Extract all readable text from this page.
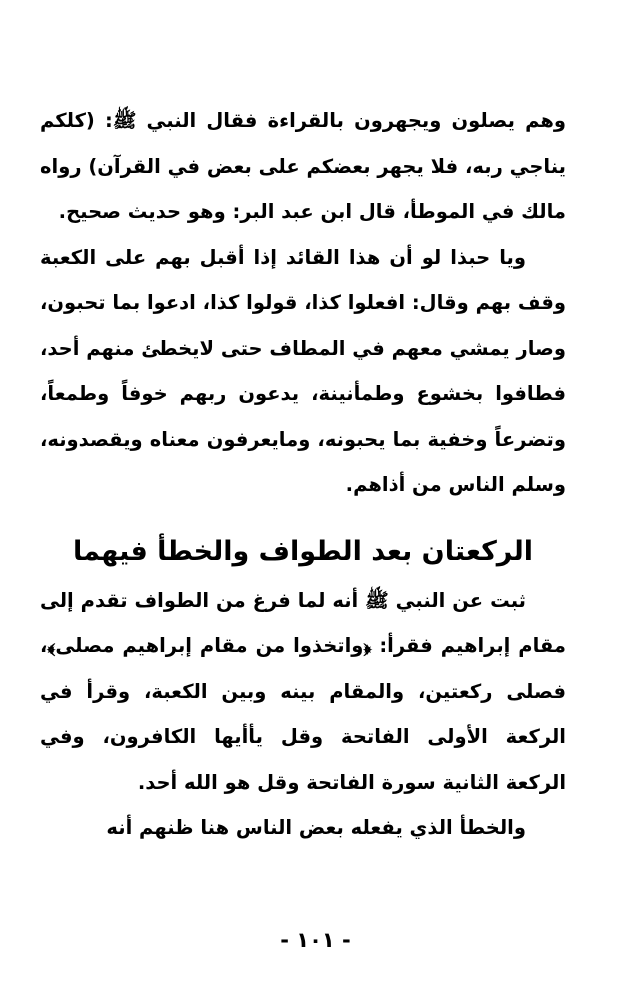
وهم يصلون ويجهرون بالقراءة فقال النبي ﷺ: (كلكم يناجي ربه، فلا يجهر بعضكم على بعض في القرآن) رواه مالك في الموطأ، قال ابن عبد البر: وهو حديث صحيح.

ويا حبذا لو أن هذا القائد إذا أقبل بهم على الكعبة وقف بهم وقال: افعلوا كذا، قولوا كذا، ادعوا بما تحبون، وصار يمشي معهم في المطاف حتى لايخطئ منهم أحد، فطافوا بخشوع وطمأنينة، يدعون ربهم خوفاً وطمعاً، وتضرعاً وخفية بما يحبونه، ومايعرفون معناه ويقصدونه، وسلم الناس من أذاهم.

الركعتان بعد الطواف والخطأ فيهما

ثبت عن النبي ﷺ أنه لما فرغ من الطواف تقدم إلى مقام إبراهيم فقرأ: ﴿واتخذوا من مقام إبراهيم مصلى﴾، فصلى ركعتين، والمقام بينه وبين الكعبة، وقرأ في الركعة الأولى الفاتحة وقل يأأيها الكافرون، وفي الركعة الثانية سورة الفاتحة وقل هو الله أحد.

والخطأ الذي يفعله بعض الناس هنا ظنهم أنه

- ١٠١ -
